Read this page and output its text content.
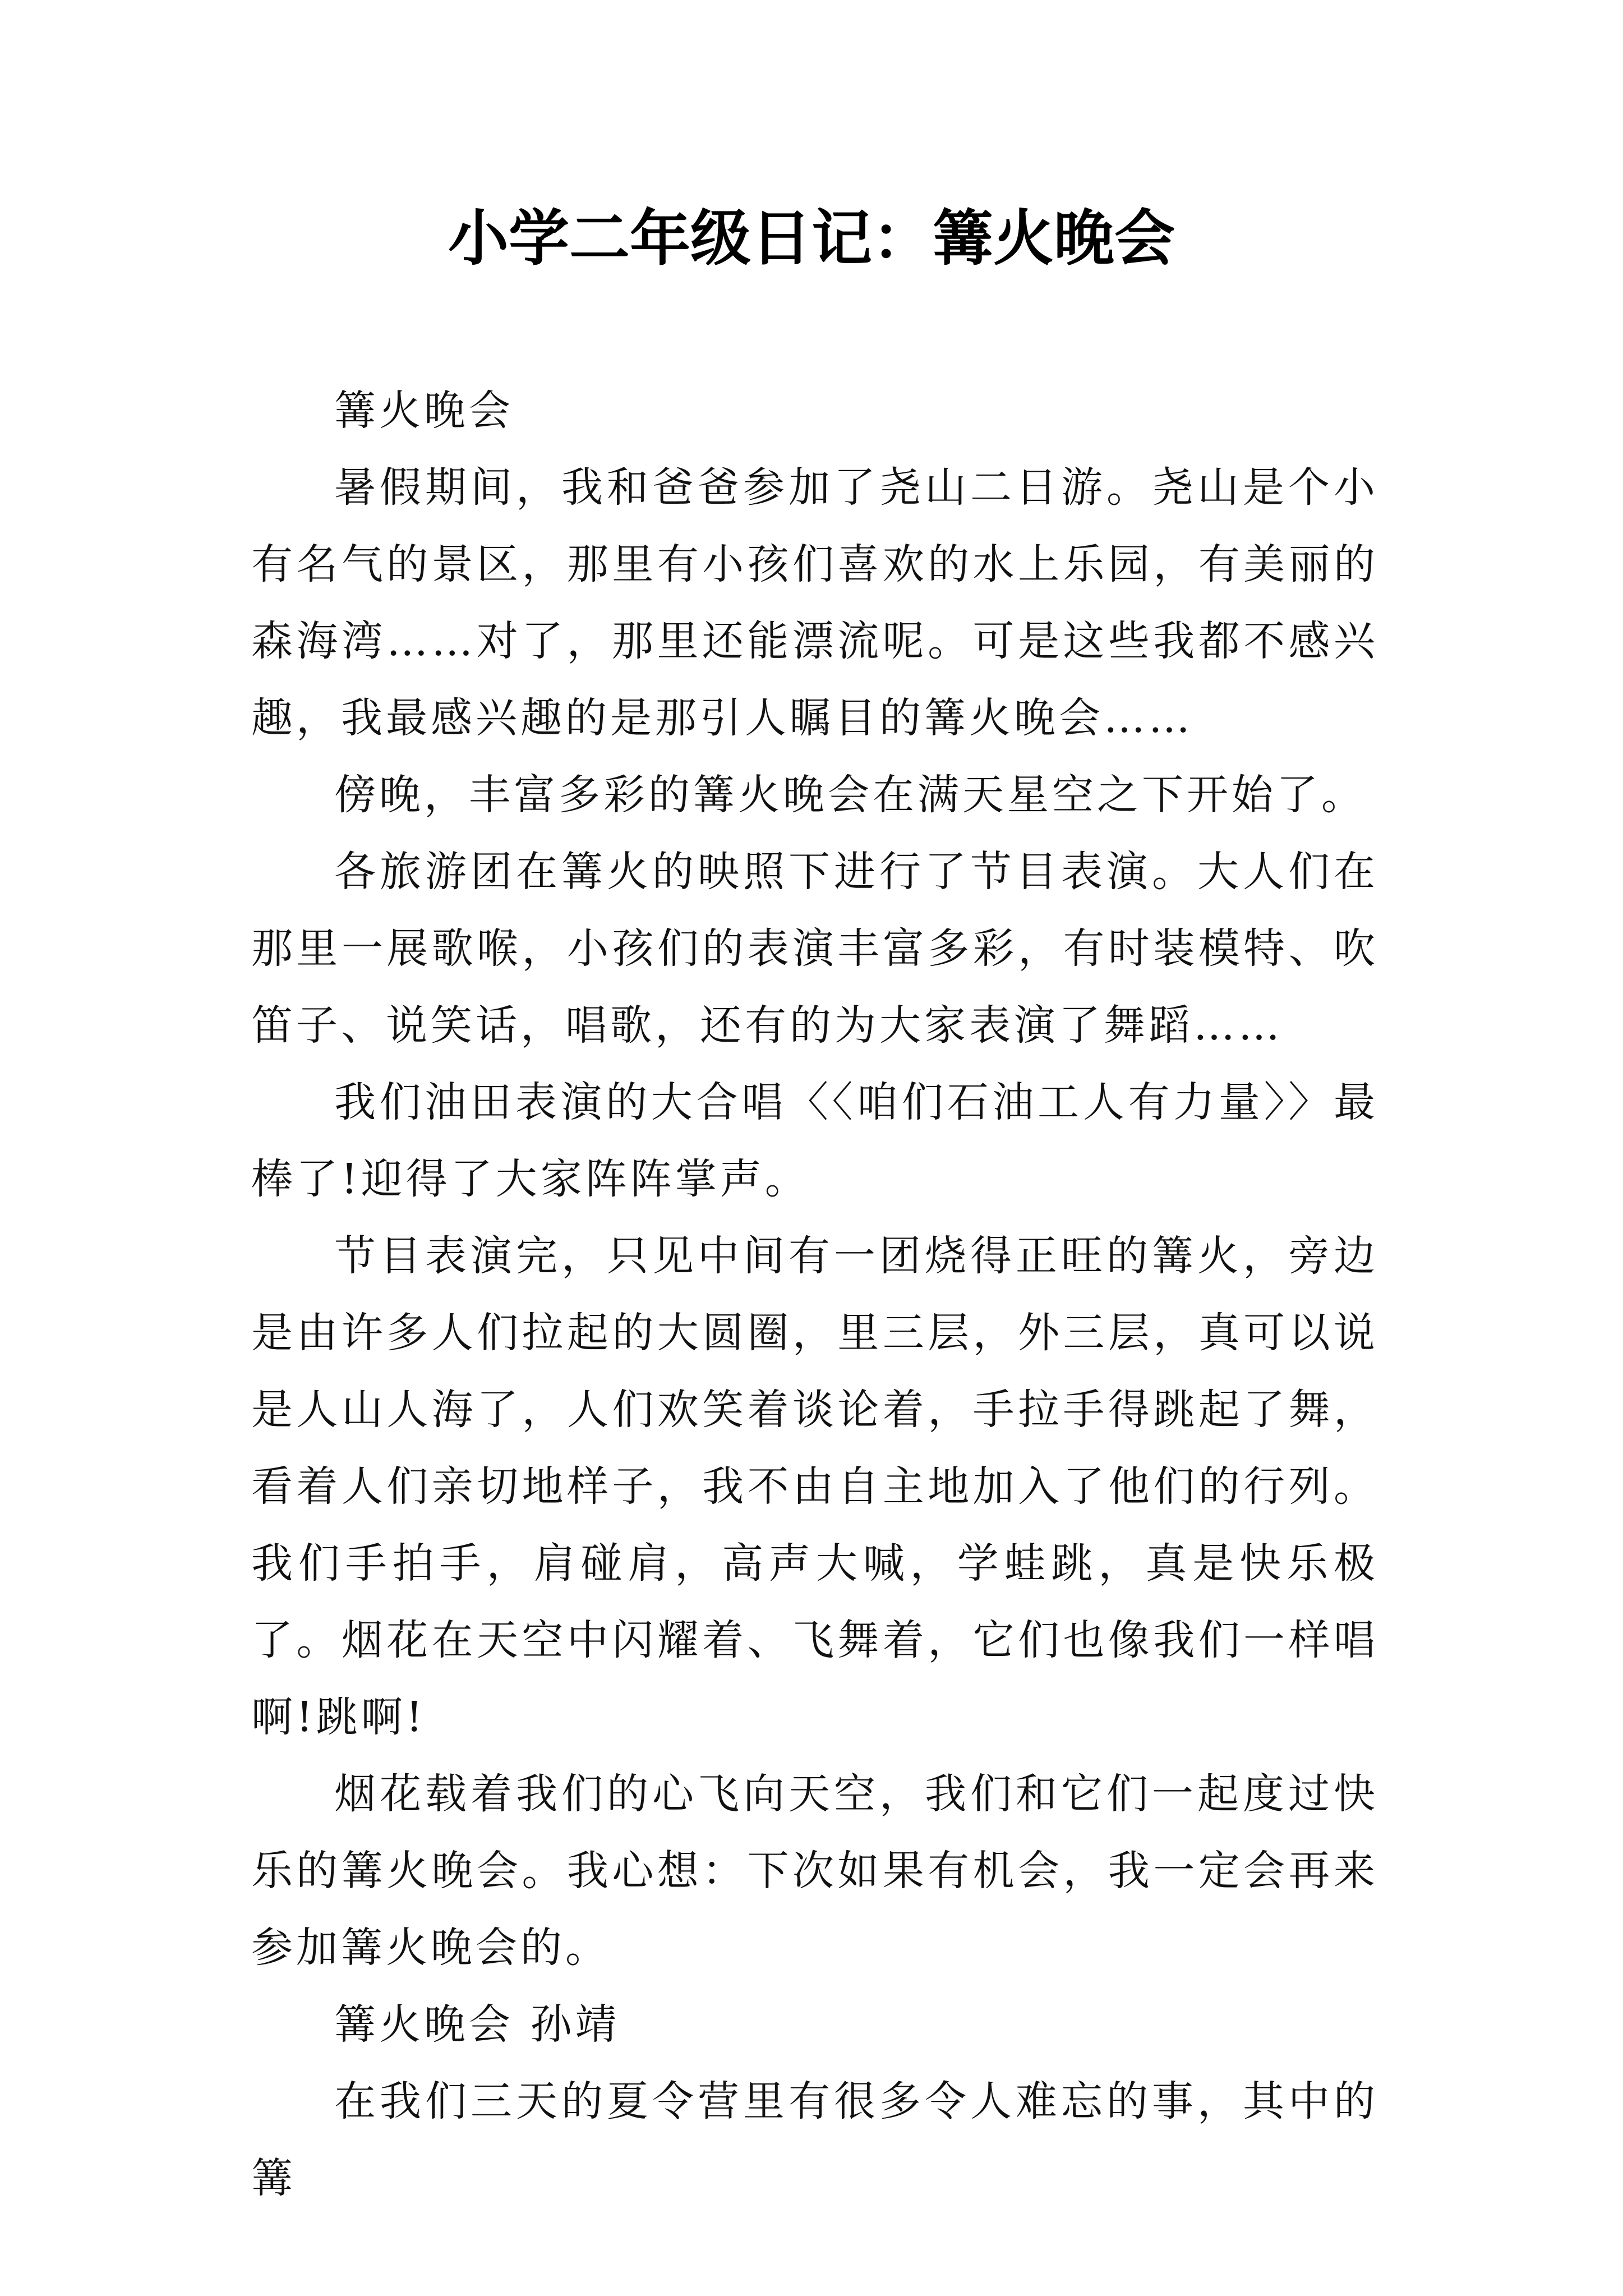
小学二年级日记：篝火晚会

篝火晚会

暑假期间，我和爸爸参加了尧山二日游。尧山是个小有名气的景区，那里有小孩们喜欢的水上乐园，有美丽的森海湾……对了，那里还能漂流呢。可是这些我都不感兴趣，我最感兴趣的是那引人瞩目的篝火晚会……

傍晚，丰富多彩的篝火晚会在满天星空之下开始了。

各旅游团在篝火的映照下进行了节目表演。大人们在那里一展歌喉，小孩们的表演丰富多彩，有时装模特、吹笛子、说笑话，唱歌，还有的为大家表演了舞蹈……

我们油田表演的大合唱〈〈咱们石油工人有力量〉〉最棒了!迎得了大家阵阵掌声。

节目表演完，只见中间有一团烧得正旺的篝火，旁边是由许多人们拉起的大圆圈，里三层，外三层，真可以说是人山人海了，人们欢笑着谈论着，手拉手得跳起了舞，看着人们亲切地样子，我不由自主地加入了他们的行列。我们手拍手，肩碰肩，高声大喊，学蛙跳，真是快乐极了。烟花在天空中闪耀着、飞舞着，它们也像我们一样唱啊!跳啊!

烟花载着我们的心飞向天空，我们和它们一起度过快乐的篝火晚会。我心想：下次如果有机会，我一定会再来参加篝火晚会的。

篝火晚会 孙靖

在我们三天的夏令营里有很多令人难忘的事，其中的篝
